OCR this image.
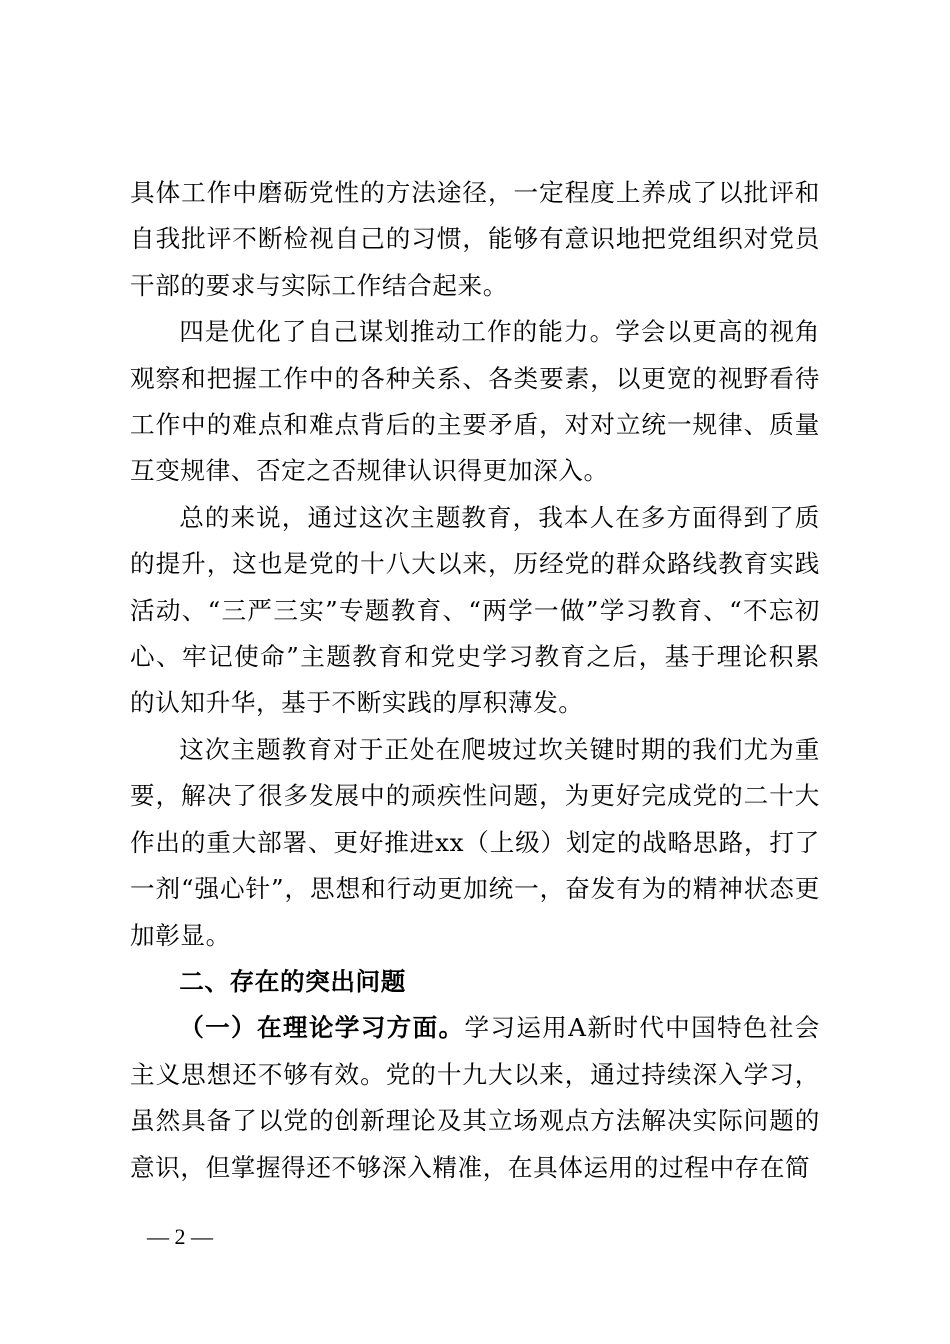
具体工作中磨砺党性的方法途径，一定程度上养成了以批评和自我批评不断检视自己的习惯，能够有意识地把党组织对党员干部的要求与实际工作结合起来。

四是优化了自己谋划推动工作的能力。学会以更高的视角观察和把握工作中的各种关系、各类要素，以更宽的视野看待工作中的难点和难点背后的主要矛盾，对对立统一规律、质量互变规律、否定之否规律认识得更加深入。

总的来说，通过这次主题教育，我本人在多方面得到了质的提升，这也是党的十八大以来，历经党的群众路线教育实践活动、“三严三实”专题教育、“两学一做”学习教育、“不忘初心、牢记使命”主题教育和党史学习教育之后，基于理论积累的认知升华，基于不断实践的厚积薄发。

这次主题教育对于正处在爬坡过坎关键时期的我们尤为重要，解决了很多发展中的顽疾性问题，为更好完成党的二十大作出的重大部署、更好推进xx（上级）划定的战略思路，打了一剂“强心针”，思想和行动更加统一，奋发有为的精神状态更加彰显。

二、存在的突出问题

（一）在理论学习方面。学习运用A新时代中国特色社会主义思想还不够有效。党的十九大以来，通过持续深入学习，虽然具备了以党的创新理论及其立场观点方法解决实际问题的意识，但掌握得还不够深入精准，在具体运用的过程中存在简

— 2 —
